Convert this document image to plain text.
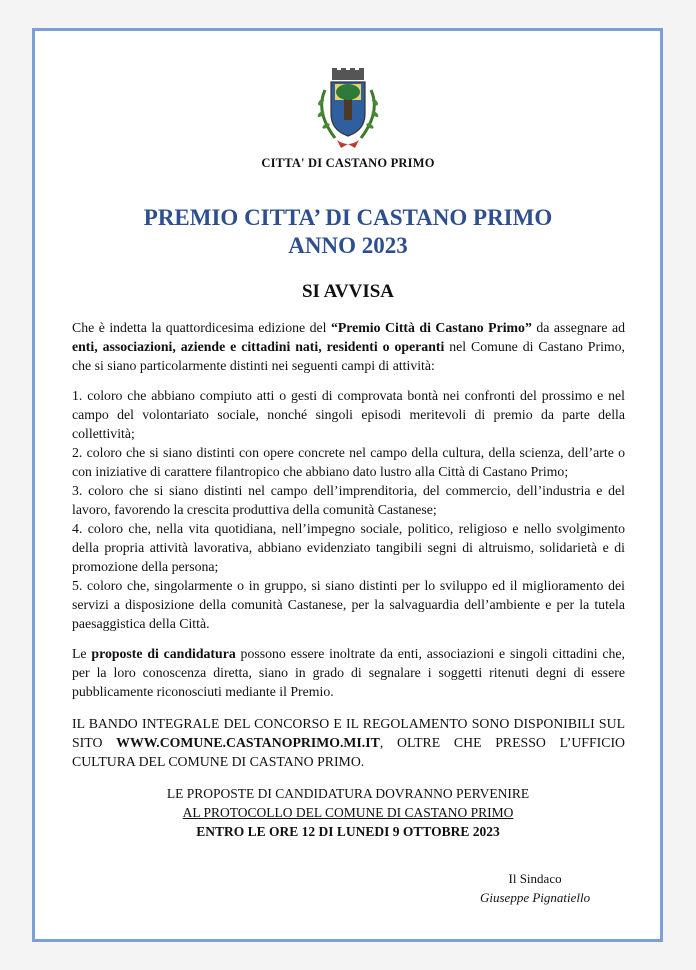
CITTA' DI CASTANO PRIMO
PREMIO CITTA’ DI CASTANO PRIMO
ANNO 2023
SI AVVISA
Che è indetta la quattordicesima edizione del “Premio Città di Castano Primo” da assegnare ad enti, associazioni, aziende e cittadini nati, residenti o operanti nel Comune di Castano Primo, che si siano particolarmente distinti nei seguenti campi di attività:
1. coloro che abbiano compiuto atti o gesti di comprovata bontà nei confronti del prossimo e nel campo del volontariato sociale, nonché singoli episodi meritevoli di premio da parte della collettività;
2. coloro che si siano distinti con opere concrete nel campo della cultura, della scienza, dell’arte o con iniziative di carattere filantropico che abbiano dato lustro alla Città di Castano Primo;
3. coloro che si siano distinti nel campo dell’imprenditoria, del commercio, dell’industria e del lavoro, favorendo la crescita produttiva della comunità Castanese;
4. coloro che, nella vita quotidiana, nell’impegno sociale, politico, religioso e nello svolgimento della propria attività lavorativa, abbiano evidenziato tangibili segni di altruismo, solidarietà e di promozione della persona;
5. coloro che, singolarmente o in gruppo, si siano distinti per lo sviluppo ed il miglioramento dei servizi a disposizione della comunità Castanese, per la salvaguardia dell’ambiente e per la tutela paesaggistica della Città.
Le proposte di candidatura possono essere inoltrate da enti, associazioni e singoli cittadini che, per la loro conoscenza diretta, siano in grado di segnalare i soggetti ritenuti degni di essere pubblicamente riconosciuti mediante il Premio.
IL BANDO INTEGRALE DEL CONCORSO E IL REGOLAMENTO SONO DISPONIBILI SUL SITO WWW.COMUNE.CASTANOPRIMO.MI.IT, OLTRE CHE PRESSO L’UFFICIO CULTURA DEL COMUNE DI CASTANO PRIMO.
LE PROPOSTE DI CANDIDATURA DOVRANNO PERVENIRE
AL PROTOCOLLO DEL COMUNE DI CASTANO PRIMO
ENTRO LE ORE 12 DI LUNEDI 9 OTTOBRE 2023
Il Sindaco
Giuseppe Pignatiello
